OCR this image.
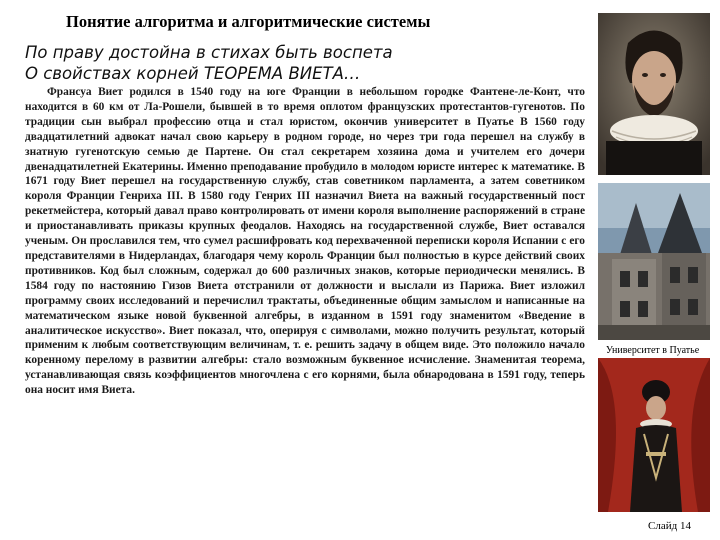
Понятие алгоритма и алгоритмические системы
По праву достойна в стихах быть воспета
О свойствах корней ТЕОРЕМА ВИЕТА…
Франсуа Виет родился в 1540 году на юге Франции в небольшом городке Фантене-ле-Конт, что находится в 60 км от Ла-Рошели, бывшей в то время оплотом французских протестантов-гугенотов. По традиции сын выбрал профессию отца и стал юристом, окончив университет в Пуатье В 1560 году двадцатилетний адвокат начал свою карьеру в родном городе, но через три года перешел на службу в знатную гугенотскую семью де Партене. Он стал секретарем хозяина дома и учителем его дочери двенадцатилетней Екатерины. Именно преподавание пробудило в молодом юристе интерес к математике. В 1671 году Виет перешел на государственную службу, став советником парламента, а затем советником короля Франции Генриха III. В 1580 году Генрих III назначил Виета на важный государственный пост рекетмейстера, который давал право контролировать от имени короля выполнение распоряжений в стране и приостанавливать приказы крупных феодалов. Находясь на государственной службе, Виет оставался ученым. Он прославился тем, что сумел расшифровать код перехваченной переписки короля Испании с его представителями в Нидерландах, благодаря чему король Франции был полностью в курсе действий своих противников. Код был сложным, содержал до 600 различных знаков, которые периодически менялись. В 1584 году по настоянию Гизов Виета отстранили от должности и выслали из Парижа. Виет изложил программу своих исследований и перечислил трактаты, объединенные общим замыслом и написанные на математическом языке новой буквенной алгебры, в изданном в 1591 году знаменитом «Введение в аналитическое искусство». Виет показал, что, оперируя с символами, можно получить результат, который применим к любым соответствующим величинам, т. е. решить задачу в общем виде. Это положило начало коренному перелому в развитии алгебры: стало возможным буквенное исчисление. Знаменитая теорема, устанавливающая связь коэффициентов многочлена с его корнями, была обнародована в 1591 году, теперь она носит имя Виета.
Университет в Пуатье
Слайд 14
